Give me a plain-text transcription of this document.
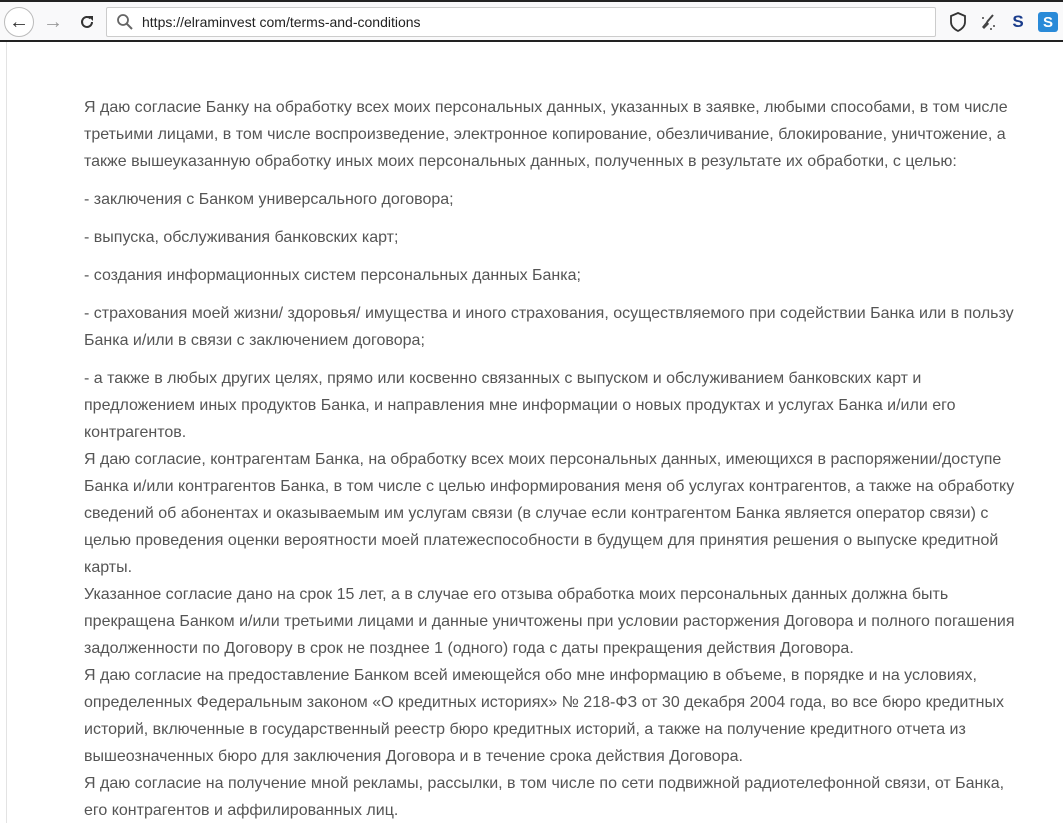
← →	https://elraminvest com/terms-and-conditions	S	S

Я даю согласие Банку на обработку всех моих персональных данных, указанных в заявке, любыми способами, в том числе третьими лицами, в том числе воспроизведение, электронное копирование, обезличивание, блокирование, уничтожение, а также вышеуказанную обработку иных моих персональных данных, полученных в результате их обработки, с целью:

- заключения с Банком универсального договора;

- выпуска, обслуживания банковских карт;

- создания информационных систем персональных данных Банка;

- страхования моей жизни/ здоровья/ имущества и иного страхования, осуществляемого при содействии Банка или в пользу Банка и/или в связи с заключением договора;

- а также в любых других целях, прямо или косвенно связанных с выпуском и обслуживанием банковских карт и предложением иных продуктов Банка, и направления мне информации о новых продуктах и услугах Банка и/или его контрагентов.

Я даю согласие, контрагентам Банка, на обработку всех моих персональных данных, имеющихся в распоряжении/доступе Банка и/или контрагентов Банка, в том числе с целью информирования меня об услугах контрагентов, а также на обработку сведений об абонентах и оказываемым им услугам связи (в случае если контрагентом Банка является оператор связи) с целью проведения оценки вероятности моей платежеспособности в будущем для принятия решения о выпуске кредитной карты.

Указанное согласие дано на срок 15 лет, а в случае его отзыва обработка моих персональных данных должна быть прекращена Банком и/или третьими лицами и данные уничтожены при условии расторжения Договора и полного погашения задолженности по Договору в срок не позднее 1 (одного) года с даты прекращения действия Договора.

Я даю согласие на предоставление Банком всей имеющейся обо мне информацию в объеме, в порядке и на условиях, определенных Федеральным законом «О кредитных историях» № 218-ФЗ от 30 декабря 2004 года, во все бюро кредитных историй, включенные в государственный реестр бюро кредитных историй, а также на получение кредитного отчета из вышеозначенных бюро для заключения Договора и в течение срока действия Договора.

Я даю согласие на получение мной рекламы, рассылки, в том числе по сети подвижной радиотелефонной связи, от Банка, его контрагентов и аффилированных лиц.
